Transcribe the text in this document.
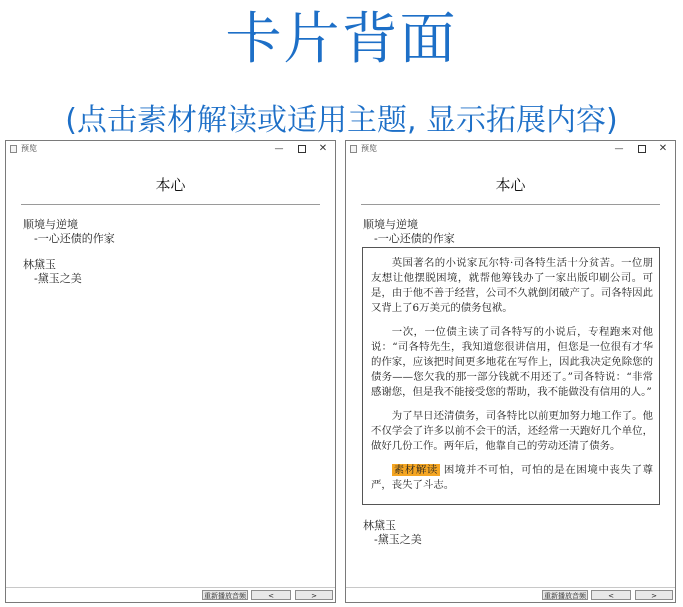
卡片背面
(点击素材解读或适用主题, 显示拓展内容)
预览	—	✕
本心
顺境与逆境
-一心还债的作家
林黛玉
-黛玉之美
重新播放音频	<	>
预览	—	✕
本心
顺境与逆境
-一心还债的作家

英国著名的小说家瓦尔特·司各特生活十分贫苦。一位朋友想让他摆脱困境，就帮他筹钱办了一家出版印刷公司。可是，由于他不善于经营，公司不久就倒闭破产了。司各特因此又背上了6万美元的债务包袱。

一次，一位债主读了司各特写的小说后，专程跑来对他说：“司各特先生，我知道您很讲信用，但您是一位很有才华的作家，应该把时间更多地花在写作上，因此我决定免除您的债务——您欠我的那一部分钱就不用还了。”司各特说：“非常感谢您，但是我不能接受您的帮助，我不能做没有信用的人。”

为了早日还清债务，司各特比以前更加努力地工作了。他不仅学会了许多以前不会干的活，还经常一天跑好几个单位，做好几份工作。两年后，他靠自己的劳动还清了债务。

素材解读 困境并不可怕，可怕的是在困境中丧失了尊严，丧失了斗志。

林黛玉
-黛玉之美
重新播放音频	<	>
